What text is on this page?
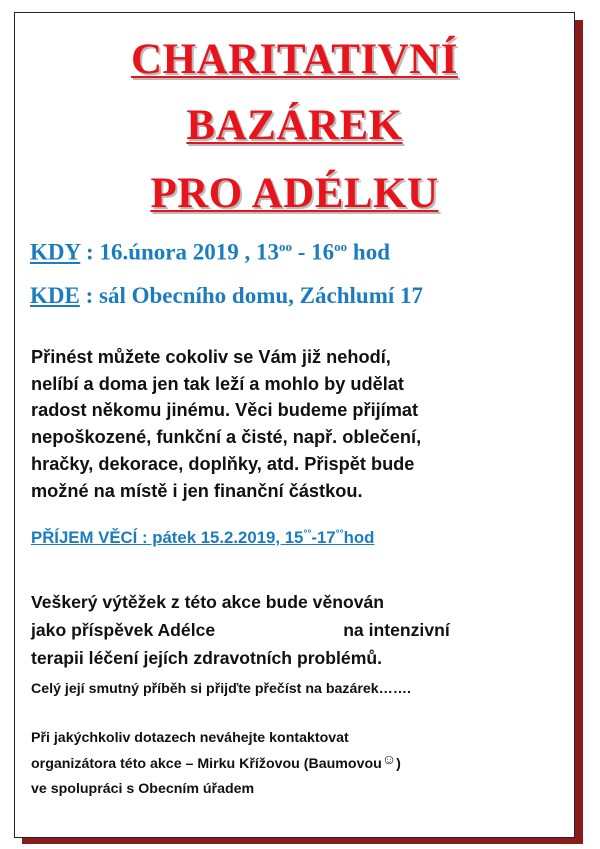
CHARITATIVNÍ
BAZÁREK
PRO ADÉLKU
KDY : 16.února 2019 , $13^{oo} - 16^{oo}$ hod
KDE : sál Obecního domu, Záchlumí 17
Přinést můžete cokoliv se Vám již nehodí,
nelíbí a doma jen tak leží a mohlo by udělat
radost někomu jinému. Věci budeme přijímat
nepoškozené, funkční a čisté, např. oblečení,
hračky, dekorace, doplňky, atd. Přispět bude
možné na místě i jen finanční částkou.
PŘÍJEM VĚCÍ : pátek 15.2.2019, 15°°-17°°hod
Veškerý výtěžek z této akce bude věnován
jako příspěvek Adélce	na intenzivní
terapii léčení jejích zdravotních problémů.
Celý její smutný příběh si přijďte přečíst na bazárek…….
Při jakýchkoliv dotazech neváhejte kontaktovat
organizátora této akce – Mirku Křížovou (Baumovou☺)
ve spolupráci s Obecním úřadem
